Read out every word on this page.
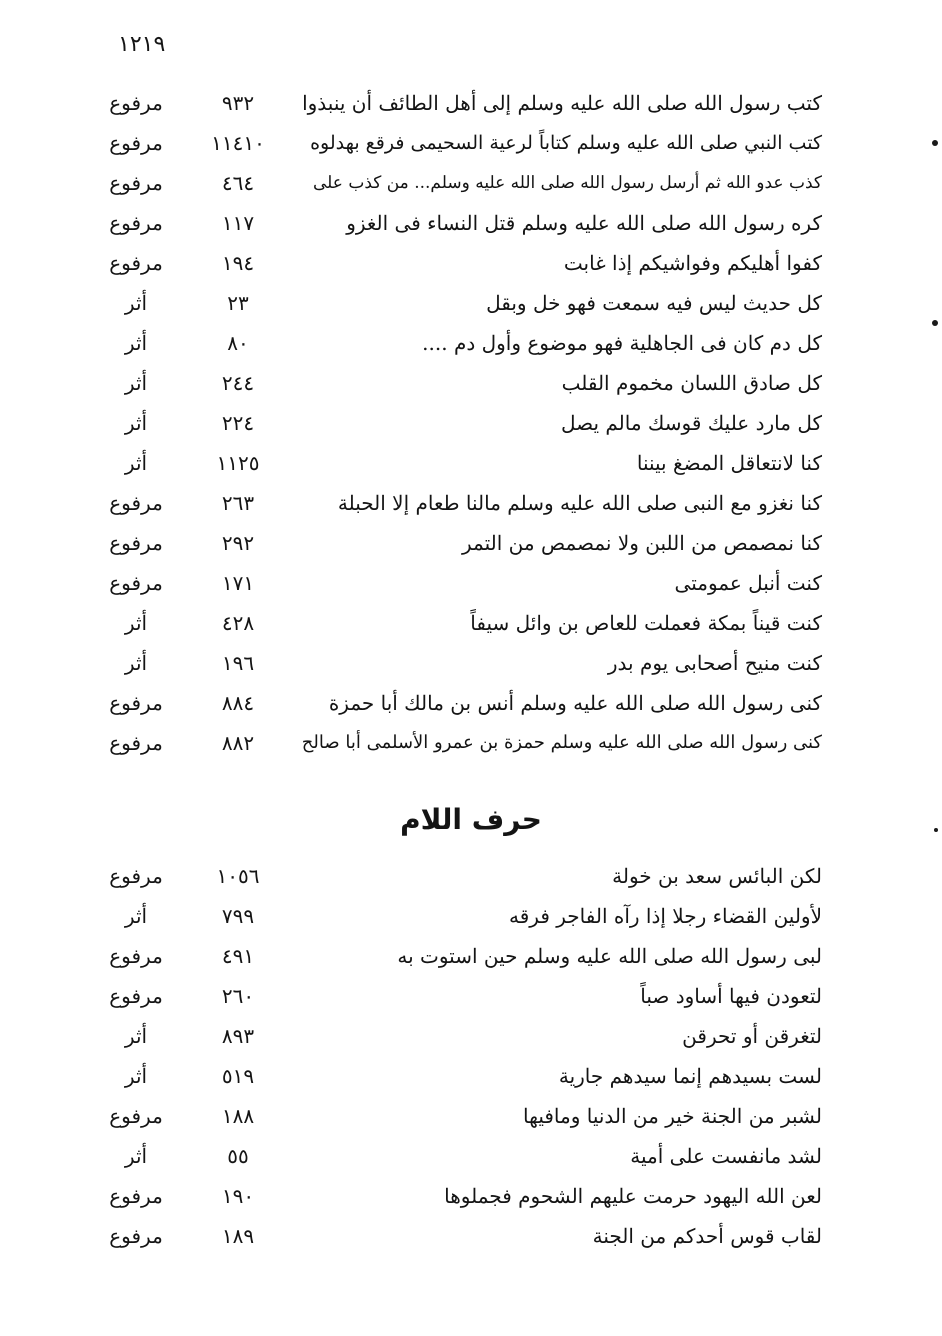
١٢١٩
كتب رسول الله صلى الله عليه وسلم إلى أهل الطائف أن ينبذوا
٩٣٢
مرفوع
كتب النبي صلى الله عليه وسلم كتاباً لرعية السحيمى فرقع بهدلوه
١١٤١٠
مرفوع
كذب عدو الله ثم أرسل رسول الله صلى الله عليه وسلم... من كذب على
٤٦٤
مرفوع
كره رسول الله صلى الله عليه وسلم قتل النساء فى الغزو
١١٧
مرفوع
كفوا أهليكم وفواشيكم إذا غابت
١٩٤
مرفوع
كل حديث ليس فيه سمعت فهو خل وبقل
٢٣
أثر
كل دم كان فى الجاهلية فهو موضوع وأول دم ....
٨٠
أثر
كل صادق اللسان مخموم القلب
٢٤٤
أثر
كل مارد عليك قوسك مالم يصل
٢٢٤
أثر
كنا لانتعاقل المضغ بيننا
١١٢٥
أثر
كنا نغزو مع النبى صلى الله عليه وسلم مالنا طعام إلا الحبلة
٢٦٣
مرفوع
كنا نمصمص من اللبن ولا نمصمص من التمر
٢٩٢
مرفوع
كنت أنبل عمومتى
١٧١
مرفوع
كنت قيناً بمكة فعملت للعاص بن وائل سيفاً
٤٢٨
أثر
كنت منيح أصحابى يوم بدر
١٩٦
أثر
كنى رسول الله صلى الله عليه وسلم أنس بن مالك أبا حمزة
٨٨٤
مرفوع
كنى رسول الله صلى الله عليه وسلم حمزة بن عمرو الأسلمى أبا صالح
٨٨٢
مرفوع
حرف اللام
لكن البائس سعد بن خولة
١٠٥٦
مرفوع
لأولين القضاء رجلا إذا رآه الفاجر فرقه
٧٩٩
أثر
لبى رسول الله صلى الله عليه وسلم حين استوت به
٤٩١
مرفوع
لتعودن فيها أساود صباً
٢٦٠
مرفوع
لتغرقن أو تحرقن
٨٩٣
أثر
لست بسيدهم إنما سيدهم جارية
٥١٩
أثر
لشبر من الجنة خير من الدنيا ومافيها
١٨٨
مرفوع
لشد مانفست على أمية
٥٥
أثر
لعن الله اليهود حرمت عليهم الشحوم فجملوها
١٩٠
مرفوع
لقاب قوس أحدكم من الجنة
١٨٩
مرفوع
